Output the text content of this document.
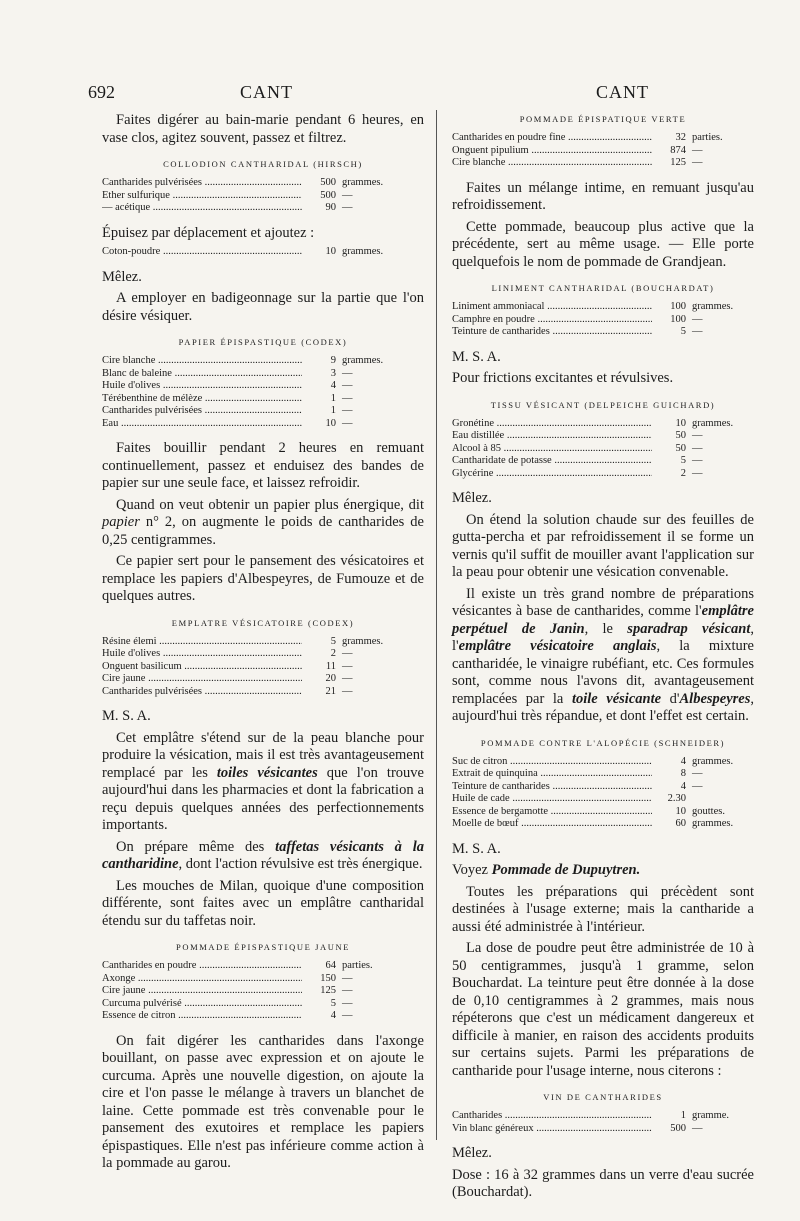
692	CANT	CANT

Faites digérer au bain-marie pendant 6 heures, en vase clos, agitez souvent, passez et filtrez.

COLLODION CANTHARIDAL (HIRSCH)
Cantharides pulvérisées .....	500 grammes.
Ether sulfurique .....	500 —
— acétique .....	90 —

Épuisez par déplacement et ajoutez :

Coton-poudre .....	10 grammes.

Mêlez.

A employer en badigeonnage sur la partie que l'on désire vésiquer.

PAPIER ÉPISPASTIQUE (CODEX)
Cire blanche .....	9 grammes.
Blanc de baleine .....	3 —
Huile d'olives .....	4 —
Térébenthine de mélèze .....	1 —
Cantharides pulvérisées .....	1 —
Eau .....	10 —

Faites bouillir pendant 2 heures en remuant continuellement, passez et enduisez des bandes de papier sur une seule face, et laissez refroidir.

Quand on veut obtenir un papier plus énergique, dit papier n° 2, on augmente le poids de cantharides de 0,25 centigrammes.

Ce papier sert pour le pansement des vésicatoires et remplace les papiers d'Albespeyres, de Fumouze et de quelques autres.

EMPLATRE VÉSICATOIRE (CODEX)
Résine élemi .....	5 grammes.
Huile d'olives .....	2 —
Onguent basilicum .....	11 —
Cire jaune .....	20 —
Cantharides pulvérisées .....	21 —

M. S. A.

Cet emplâtre s'étend sur de la peau blanche pour produire la vésication, mais il est très avantageusement remplacé par les toiles vésicantes que l'on trouve aujourd'hui dans les pharmacies et dont la fabrication a reçu depuis quelques années des perfectionnements importants.

On prépare même des taffetas vésicants à la cantharidine, dont l'action révulsive est très énergique.

Les mouches de Milan, quoique d'une composition différente, sont faites avec un emplâtre cantharidal étendu sur du taffetas noir.

POMMADE ÉPISPASTIQUE JAUNE
Cantharides en poudre .....	64 parties.
Axonge .....	150 —
Cire jaune .....	125 —
Curcuma pulvérisé .....	5 —
Essence de citron .....	4 —

On fait digérer les cantharides dans l'axonge bouillant, on passe avec expression et on ajoute le curcuma. Après une nouvelle digestion, on ajoute la cire et l'on passe le mélange à travers un blanchet de laine. Cette pommade est très convenable pour le pansement des exutoires et remplace les papiers épispastiques. Elle n'est pas inférieure comme action à la pommade au garou.

POMMADE ÉPISPATIQUE VERTE
Cantharides en poudre fine .....	32 parties.
Onguent pipulium .....	874 —
Cire blanche .....	125 —

Faites un mélange intime, en remuant jusqu'au refroidissement.

Cette pommade, beaucoup plus active que la précédente, sert au même usage. — Elle porte quelquefois le nom de pommade de Grandjean.

LINIMENT CANTHARIDAL (BOUCHARDAT)
Liniment ammoniacal .....	100 grammes.
Camphre en poudre .....	100 —
Teinture de cantharides .....	5 —

M. S. A.

Pour frictions excitantes et révulsives.

TISSU VÉSICANT (DELPEICHE GUICHARD)
Gronétine .....	10 grammes.
Eau distillée .....	50 —
Alcool à 85 .....	50 —
Cantharidate de potasse .....	5 —
Glycérine .....	2 —

Mêlez.

On étend la solution chaude sur des feuilles de gutta-percha et par refroidissement il se forme un vernis qu'il suffit de mouiller avant l'application sur la peau pour obtenir une vésication convenable.

Il existe un très grand nombre de préparations vésicantes à base de cantharides, comme l'emplâtre perpétuel de Janin, le sparadrap vésicant, l'emplâtre vésicatoire anglais, la mixture cantharidée, le vinaigre rubéfiant, etc. Ces formules sont, comme nous l'avons dit, avantageusement remplacées par la toile vésicante d'Albespeyres, aujourd'hui très répandue, et dont l'effet est certain.

POMMADE CONTRE L'ALOPÉCIE (SCHNEIDER)
Suc de citron .....	4 grammes.
Extrait de quinquina .....	8 —
Teinture de cantharides .....	4 —
Huile de cade .....	2.30
Essence de bergamotte .....	10 gouttes.
Moelle de bœuf .....	60 grammes.

M. S. A.

Voyez Pommade de Dupuytren.

Toutes les préparations qui précèdent sont destinées à l'usage externe; mais la cantharide a aussi été administrée à l'intérieur.

La dose de poudre peut être administrée de 10 à 50 centigrammes, jusqu'à 1 gramme, selon Bouchardat. La teinture peut être donnée à la dose de 0,10 centigrammes à 2 grammes, mais nous répéterons que c'est un médicament dangereux et difficile à manier, en raison des accidents produits sur certains sujets. Parmi les préparations de cantharide pour l'usage interne, nous citerons :

VIN DE CANTHARIDES
Cantharides .....	1 gramme.
Vin blanc généreux .....	500 —

Mêlez.

Dose : 16 à 32 grammes dans un verre d'eau sucrée (Bouchardat).
